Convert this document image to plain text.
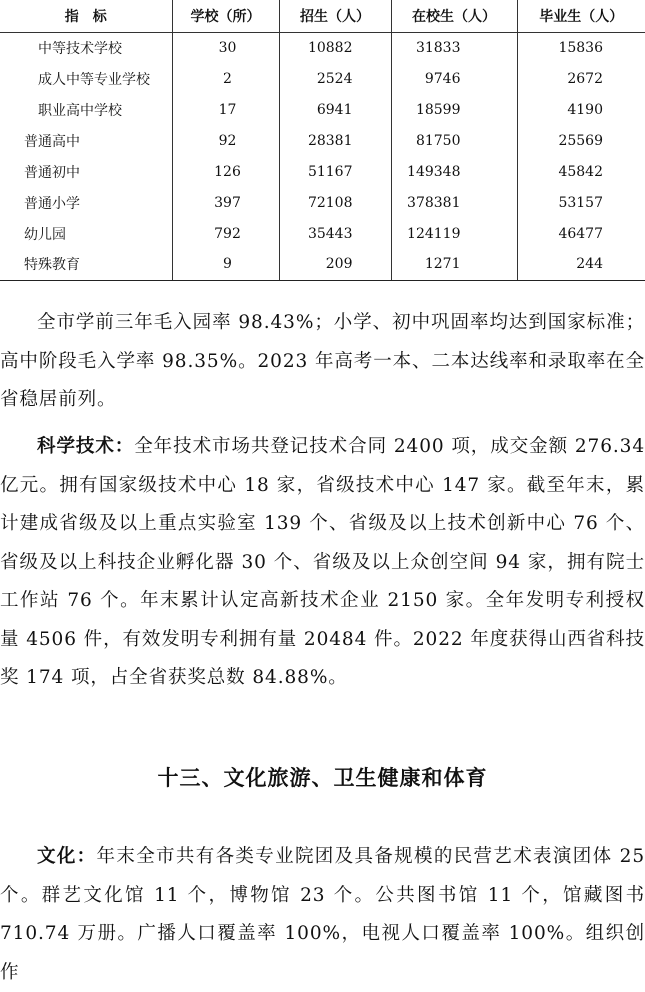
指　标	学校（所）	招生（人）	在校生（人）	毕业生（人）
中等技术学校	30	10882	31833	15836
成人中等专业学校	2	2524	9746	2672
职业高中学校	17	6941	18599	4190
普通高中	92	28381	81750	25569
普通初中	126	51167	149348	45842
普通小学	397	72108	378381	53157
幼儿园	792	35443	124119	46477
特殊教育	9	209	1271	244

全市学前三年毛入园率 98.43%；小学、初中巩固率均达到国家标准；高中阶段毛入学率 98.35%。2023 年高考一本、二本达线率和录取率在全省稳居前列。

科学技术：全年技术市场共登记技术合同 2400 项，成交金额 276.34 亿元。拥有国家级技术中心 18 家，省级技术中心 147 家。截至年末，累计建成省级及以上重点实验室 139 个、省级及以上技术创新中心 76 个、省级及以上科技企业孵化器 30 个、省级及以上众创空间 94 家，拥有院士工作站 76 个。年末累计认定高新技术企业 2150 家。全年发明专利授权量 4506 件，有效发明专利拥有量 20484 件。2022 年度获得山西省科技奖 174 项，占全省获奖总数 84.88%。

十三、文化旅游、卫生健康和体育

文化：年末全市共有各类专业院团及具备规模的民营艺术表演团体 25 个。群艺文化馆 11 个，博物馆 23 个。公共图书馆 11 个，馆藏图书 710.74 万册。广播人口覆盖率 100%，电视人口覆盖率 100%。组织创作
